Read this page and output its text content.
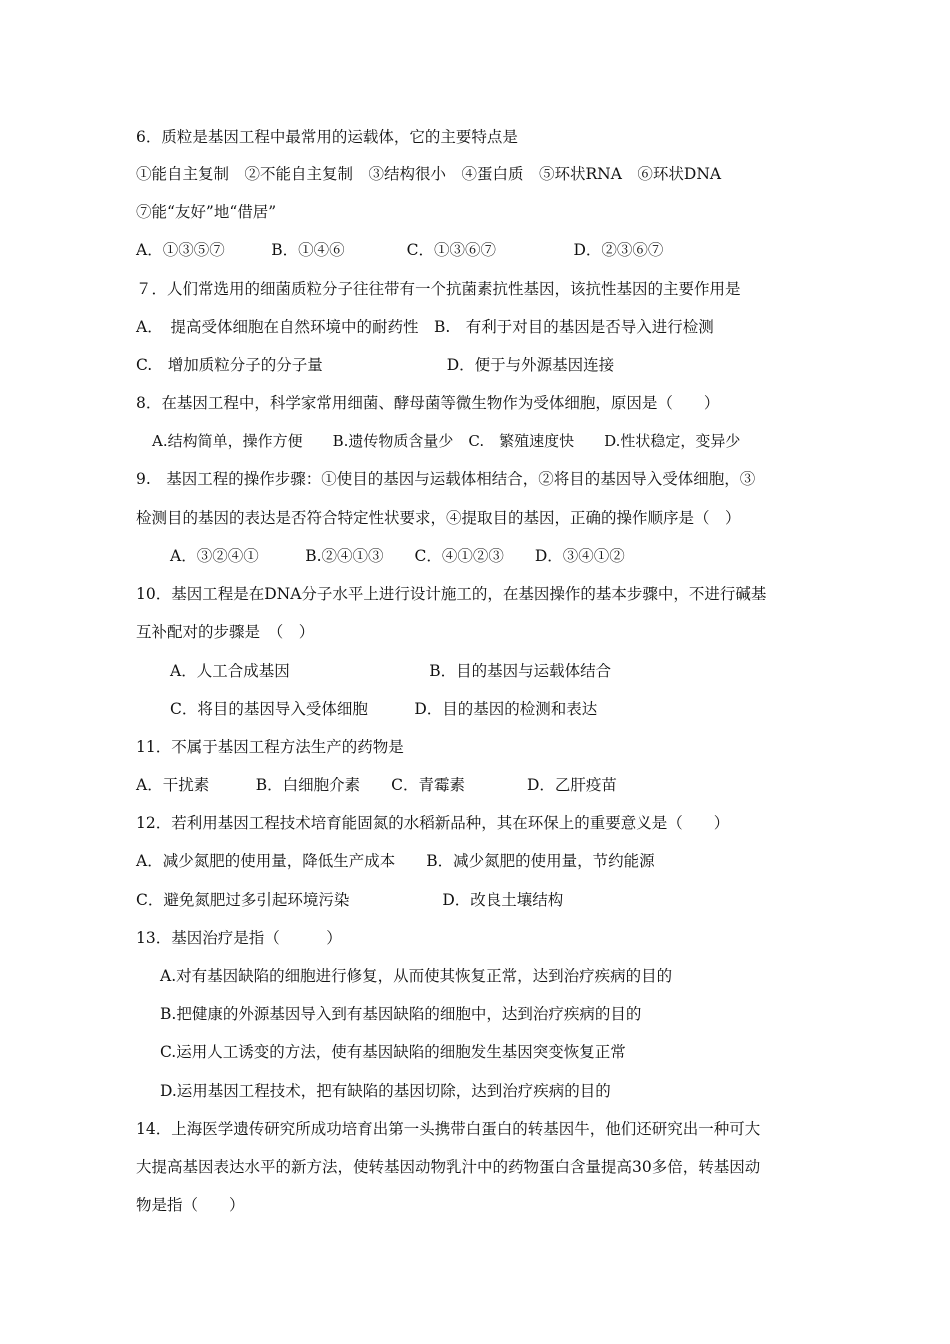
6．质粒是基因工程中最常用的运载体，它的主要特点是
①能自主复制　②不能自主复制　③结构很小　④蛋白质　⑤环状RNA　⑥环状DNA
⑦能“友好”地“借居”
A．①③⑤⑦　　　B．①④⑥　　　　C．①③⑥⑦　　　　　D．②③⑥⑦
７．人们常选用的细菌质粒分子往往带有一个抗菌素抗性基因，该抗性基因的主要作用是
A．　提高受体细胞在自然环境中的耐药性　B.　有利于对目的基因是否导入进行检测
C.　增加质粒分子的分子量　　　　　　　　D．便于与外源基因连接
8．在基因工程中，科学家常用细菌、酵母菌等微生物作为受体细胞，原因是（　　）
A.结构简单，操作方便　　B.遗传物质含量少　C.　繁殖速度快　　D.性状稳定，变异少
9.　基因工程的操作步骤：①使目的基因与运载体相结合，②将目的基因导入受体细胞，③
检测目的基因的表达是否符合特定性状要求，④提取目的基因，正确的操作顺序是（　）
A．③②④①　　　B.②④①③　　C．④①②③　　D．③④①②
10．基因工程是在DNA分子水平上进行设计施工的，在基因操作的基本步骤中，不进行碱基
互补配对的步骤是　（　）
A．人工合成基因　　　　　　　　　B．目的基因与运载体结合
C．将目的基因导入受体细胞　　　D．目的基因的检测和表达
11．不属于基因工程方法生产的药物是
A．干扰素　　　B．白细胞介素　　C．青霉素　　　　D．乙肝疫苗
12．若利用基因工程技术培育能固氮的水稻新品种，其在环保上的重要意义是（　　）
A．减少氮肥的使用量，降低生产成本　　B．减少氮肥的使用量，节约能源
C．避免氮肥过多引起环境污染　　　　　　D．改良土壤结构
13．基因治疗是指（　　　）
A.对有基因缺陷的细胞进行修复，从而使其恢复正常，达到治疗疾病的目的
B.把健康的外源基因导入到有基因缺陷的细胞中，达到治疗疾病的目的
C.运用人工诱变的方法，使有基因缺陷的细胞发生基因突变恢复正常
D.运用基因工程技术，把有缺陷的基因切除，达到治疗疾病的目的
14．上海医学遗传研究所成功培育出第一头携带白蛋白的转基因牛，他们还研究出一种可大
大提高基因表达水平的新方法，使转基因动物乳汁中的药物蛋白含量提高30多倍，转基因动
物是指（　　）
